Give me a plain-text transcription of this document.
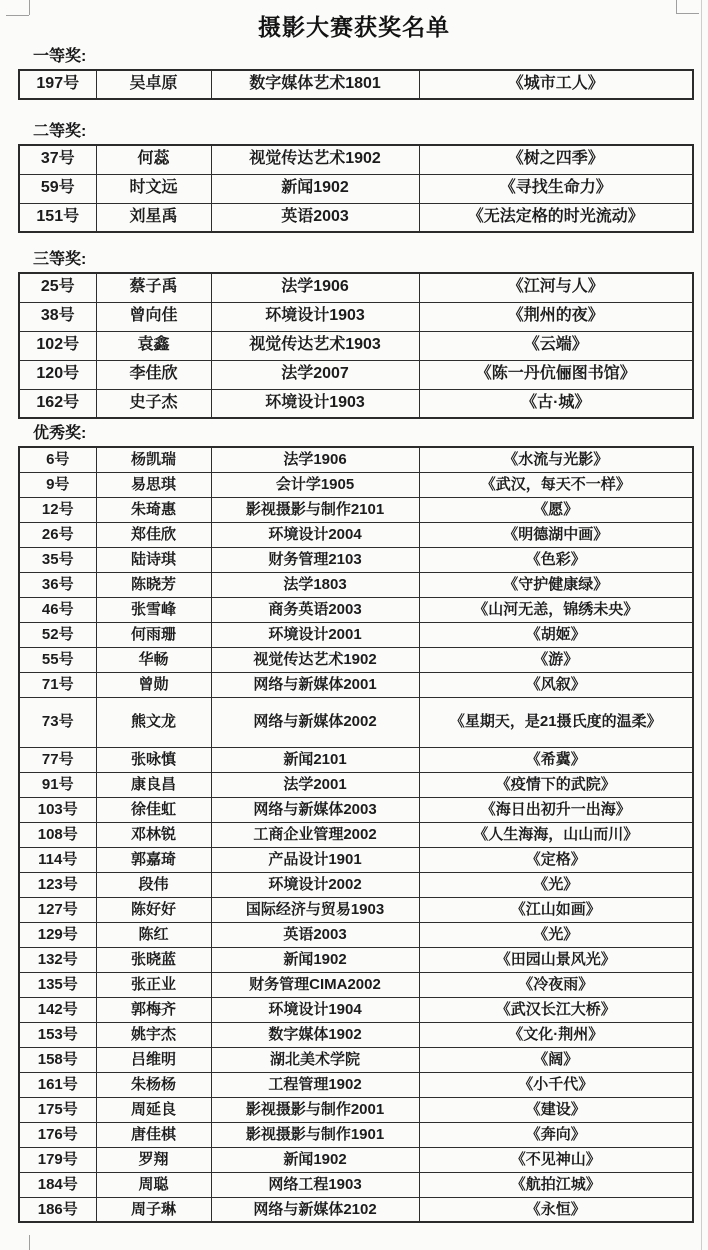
摄影大赛获奖名单
一等奖:
197号	吴卓原	数字媒体艺术1801	《城市工人》
二等奖:
37号	何蕊	视觉传达艺术1902	《树之四季》
59号	时文远	新闻1902	《寻找生命力》
151号	刘星禹	英语2003	《无法定格的时光流动》
三等奖:
25号	蔡子禹	法学1906	《江河与人》
38号	曾向佳	环境设计1903	《荆州的夜》
102号	袁鑫	视觉传达艺术1903	《云端》
120号	李佳欣	法学2007	《陈一丹伉俪图书馆》
162号	史子杰	环境设计1903	《古·城》
优秀奖:
6号	杨凯瑞	法学1906	《水流与光影》
9号	易思琪	会计学1905	《武汉，每天不一样》
12号	朱琦惠	影视摄影与制作2101	《愿》
26号	郑佳欣	环境设计2004	《明德湖中画》
35号	陆诗琪	财务管理2103	《色彩》
36号	陈晓芳	法学1803	《守护健康绿》
46号	张雪峰	商务英语2003	《山河无恙，锦绣未央》
52号	何雨珊	环境设计2001	《胡姬》
55号	华畅	视觉传达艺术1902	《游》
71号	曾勋	网络与新媒体2001	《风叙》
73号	熊文龙	网络与新媒体2002	《星期天，是21摄氏度的温柔》
77号	张咏慎	新闻2101	《希冀》
91号	康良昌	法学2001	《疫情下的武院》
103号	徐佳虹	网络与新媒体2003	《海日出初升一出海》
108号	邓林锐	工商企业管理2002	《人生海海，山山而川》
114号	郭嘉琦	产品设计1901	《定格》
123号	段伟	环境设计2002	《光》
127号	陈好好	国际经济与贸易1903	《江山如画》
129号	陈红	英语2003	《光》
132号	张晓蓝	新闻1902	《田园山景风光》
135号	张正业	财务管理CIMA2002	《冷夜雨》
142号	郭梅齐	环境设计1904	《武汉长江大桥》
153号	姚宇杰	数字媒体1902	《文化·荆州》
158号	吕维明	湖北美术学院	《阔》
161号	朱杨杨	工程管理1902	《小千代》
175号	周延良	影视摄影与制作2001	《建设》
176号	唐佳棋	影视摄影与制作1901	《奔向》
179号	罗翔	新闻1902	《不见神山》
184号	周聪	网络工程1903	《航拍江城》
186号	周子琳	网络与新媒体2102	《永恒》
